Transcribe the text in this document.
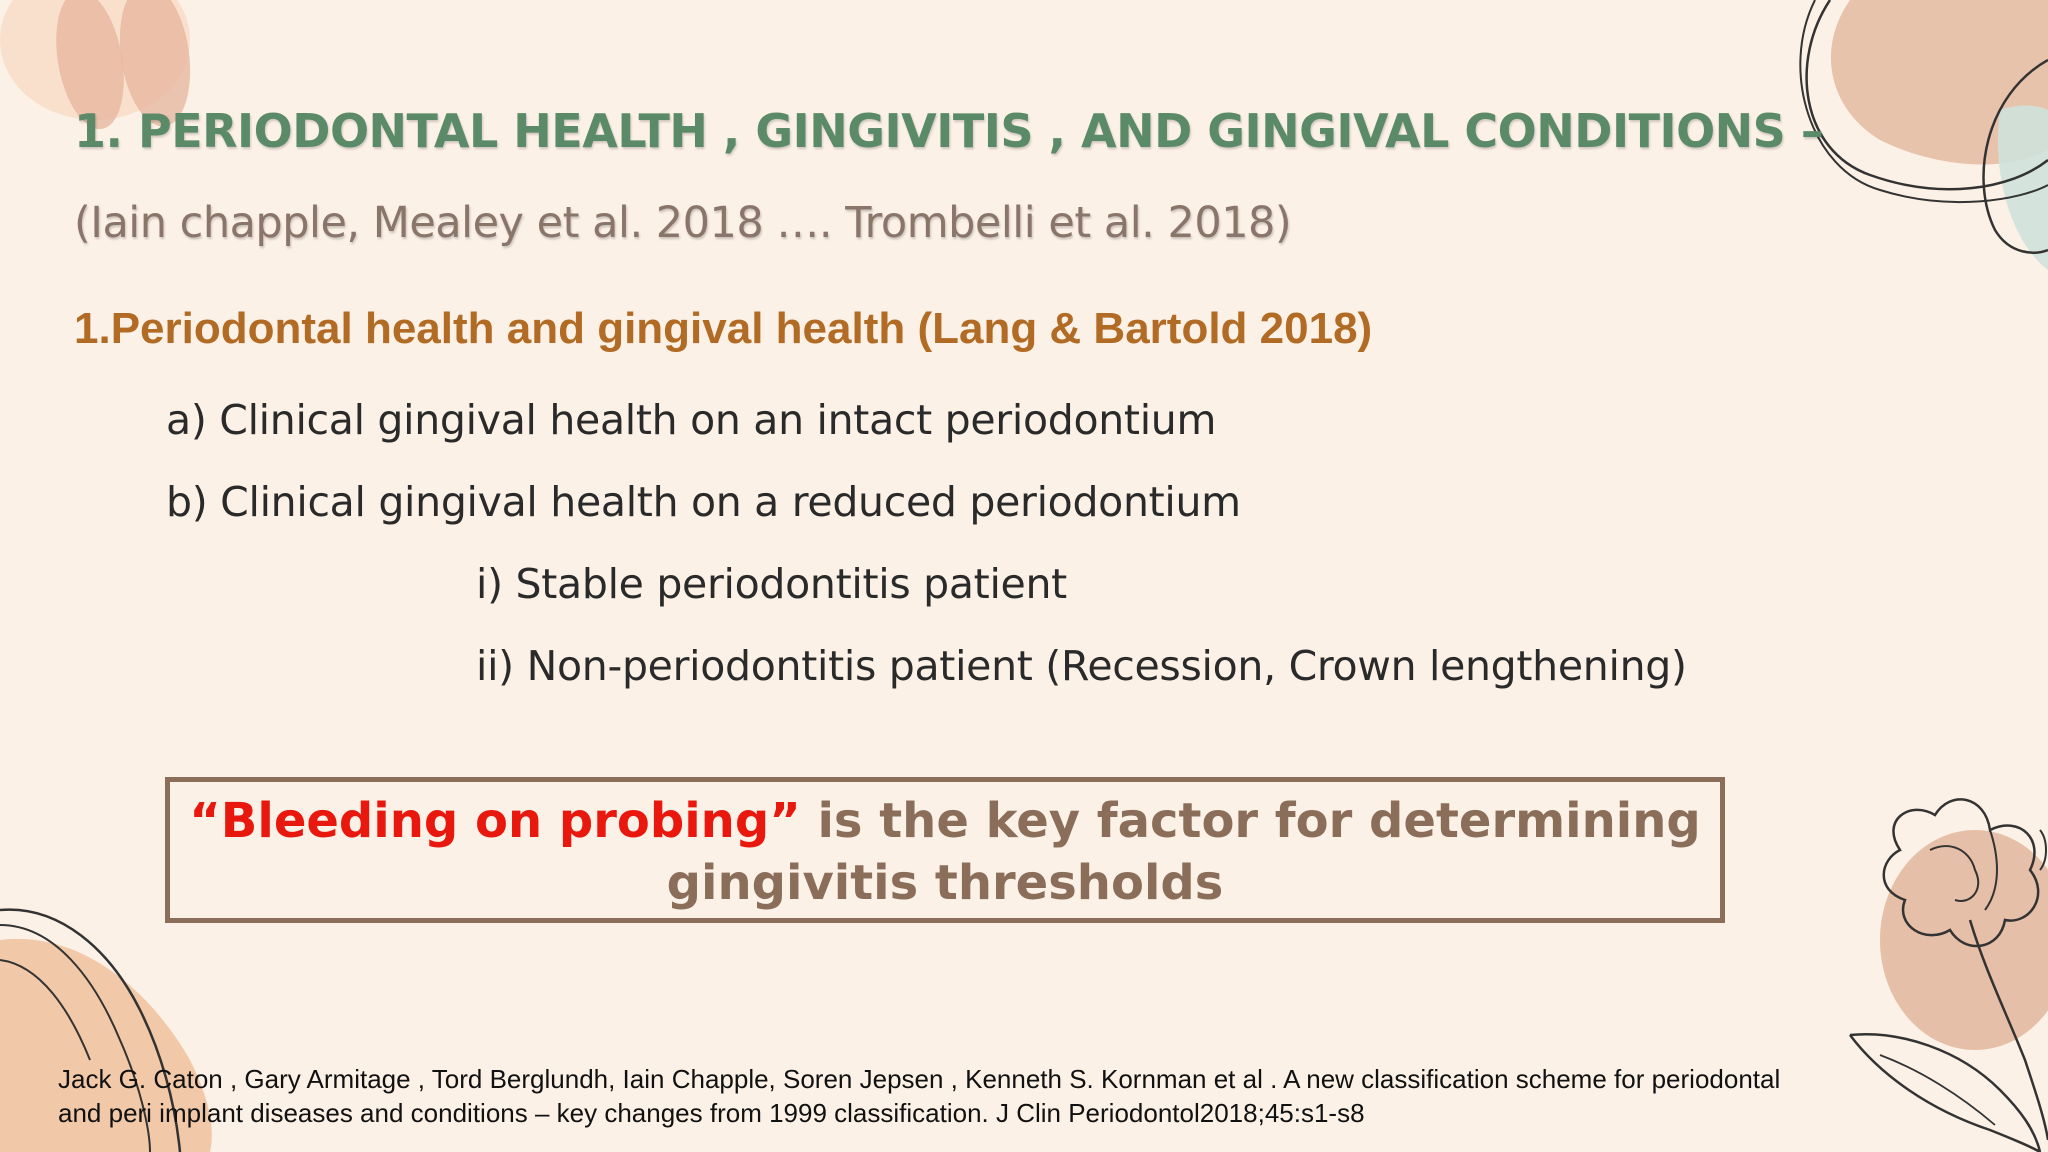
1. PERIODONTAL HEALTH , GINGIVITIS , AND GINGIVAL CONDITIONS –

(Iain chapple, Mealey et al. 2018 …. Trombelli et al. 2018)

1.Periodontal health and gingival health (Lang & Bartold 2018)

a) Clinical gingival health on an intact periodontium

b) Clinical gingival health on a reduced periodontium

i) Stable periodontitis patient

ii) Non-periodontitis patient (Recession, Crown lengthening)

“Bleeding on probing” is the key factor for determining
gingivitis thresholds
Jack G. Caton , Gary Armitage , Tord Berglundh, Iain Chapple, Soren Jepsen , Kenneth S. Kornman et al . A new classification scheme for periodontal
and peri implant diseases and conditions – key changes from 1999 classification. J Clin Periodontol2018;45:s1-s8
